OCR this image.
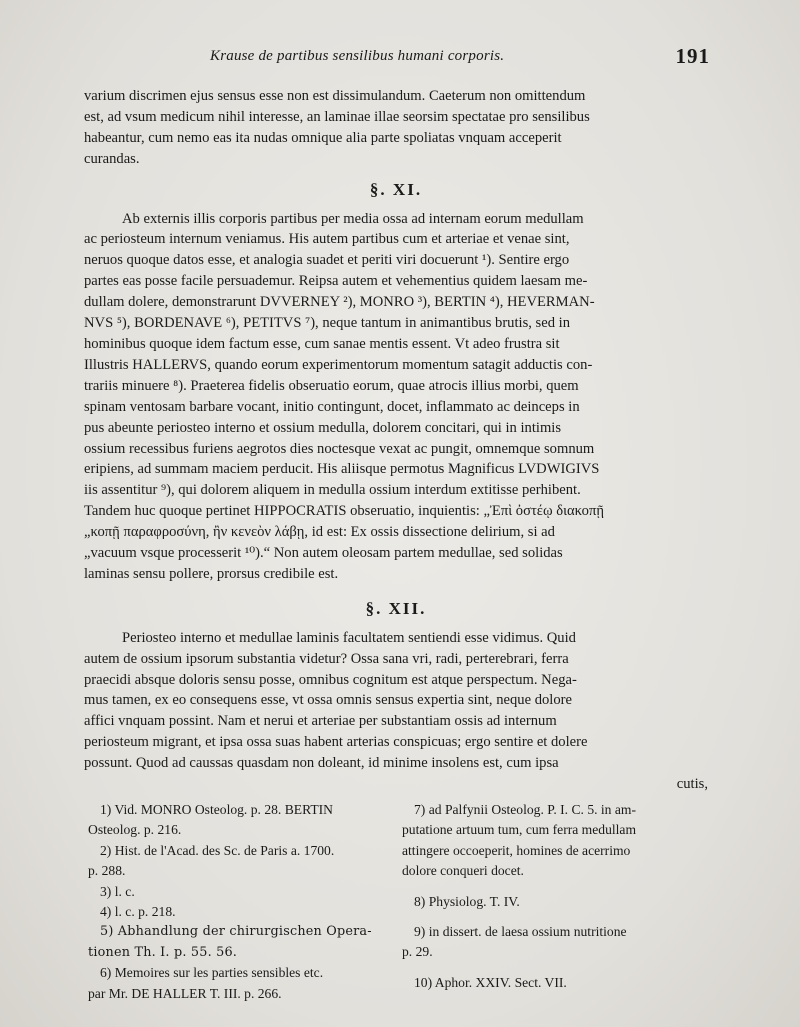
Krause de partibus sensilibus humani corporis.	191
varium discrimen ejus sensus esse non est dissimulandum. Caeterum non omittendum
est, ad vsum medicum nihil interesse, an laminae illae seorsim spectatae pro sensilibus
habeantur, cum nemo eas ita nudas omnique alia parte spoliatas vnquam acceperit
curandas.
§. XI.
Ab externis illis corporis partibus per media ossa ad internam eorum medullam
ac periosteum internum veniamus. His autem partibus cum et arteriae et venae sint,
neruos quoque datos esse, et analogia suadet et periti viri docuerunt ¹). Sentire ergo
partes eas posse facile persuademur. Reipsa autem et vehementius quidem laesam me-
dullam dolere, demonstrarunt DVVERNEY ²), MONRO ³), BERTIN ⁴), HEVERMAN-
NVS ⁵), BORDENAVE ⁶), PETITVS ⁷), neque tantum in animantibus brutis, sed in
hominibus quoque idem factum esse, cum sanae mentis essent. Vt adeo frustra sit
Illustris HALLERVS, quando eorum experimentorum momentum satagit adductis con-
trariis minuere ⁸). Praeterea fidelis obseruatio eorum, quae atrocis illius morbi, quem
spinam ventosam barbare vocant, initio contingunt, docet, inflammato ac deinceps in
pus abeunte periosteo interno et ossium medulla, dolorem concitari, qui in intimis
ossium recessibus furiens aegrotos dies noctesque vexat ac pungit, omnemque somnum
eripiens, ad summam maciem perducit. His aliisque permotus Magnificus LVDWIGIVS
iis assentitur ⁹), qui dolorem aliquem in medulla ossium interdum extitisse perhibent.
Tandem huc quoque pertinet HIPPOCRATIS obseruatio, inquientis: „Ἐπὶ ὀστέῳ διακοπῇ
„κοπῇ παραφροσύνη, ἢν κενεὸν λάβῃ, id est: Ex ossis dissectione delirium, si ad
„vacuum vsque processerit ¹⁰).“ Non autem oleosam partem medullae, sed solidas
laminas sensu pollere, prorsus credibile est.
§. XII.
Periosteo interno et medullae laminis facultatem sentiendi esse vidimus. Quid
autem de ossium ipsorum substantia videtur? Ossa sana vri, radi, perterebrari, ferra
praecidi absque doloris sensu posse, omnibus cognitum est atque perspectum. Nega-
mus tamen, ex eo consequens esse, vt ossa omnis sensus expertia sint, neque dolore
affici vnquam possint. Nam et nerui et arteriae per substantiam ossis ad internum
periosteum migrant, et ipsa ossa suas habent arterias conspicuas; ergo sentire et dolere
possunt. Quod ad caussas quasdam non doleant, id minime insolens est, cum ipsa
cutis,
1) Vid. MONRO Osteolog. p. 28. BERTIN
Osteolog. p. 216.
2) Hist. de l'Acad. des Sc. de Paris a. 1700.
p. 288.
3) l. c.
4) l. c. p. 218.
5) Abhandlung der chirurgischen Opera-
tionen Th. I. p. 55. 56.
6) Memoires sur les parties sensibles etc.
par Mr. DE HALLER T. III. p. 266.
7) ad Palfynii Osteolog. P. I. C. 5. in am-
putatione artuum tum, cum ferra medullam
attingere occoeperit, homines de acerrimo
dolore conqueri docet.
8) Physiolog. T. IV.
9) in dissert. de laesa ossium nutritione
p. 29.
10) Aphor. XXIV. Sect. VII.
